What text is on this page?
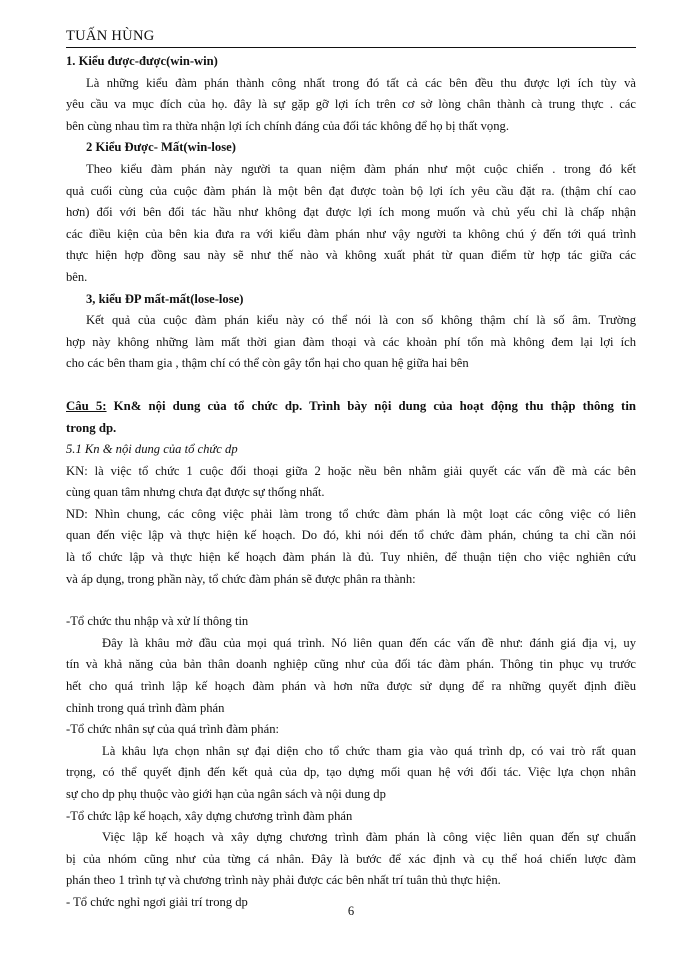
TUẤN HÙNG
1. Kiểu được-được(win-win)
Là những kiểu đàm phán thành công nhất trong đó tất cả các bên đều thu được lợi ích tùy và
yêu cầu va mục đích của họ. đây là sự gặp gỡ lợi ích trên cơ sở lòng chân thành cà trung thực . các
bên cùng nhau tìm ra thừa nhận lợi ích chính đáng của đối tác không để họ bị thất vọng.
2 Kiểu Được- Mất(win-lose)
Theo kiểu đàm phán này người ta quan niệm đàm phán như một cuộc chiến . trong đó kết
quả cuối cùng của cuộc đàm phán là một bên đạt được toàn bộ lợi ích yêu cầu đặt ra. (thậm chí cao
hơn) đối với bên đối tác hầu như không đạt được lợi ích mong muốn và chủ yếu chỉ là chấp nhận
các điều kiện của bên kia đưa ra với kiểu đàm phán như vậy người ta không chú ý đến tới quá trình
thực hiện hợp đồng sau này sẽ như thế nào và không xuất phát từ quan điểm từ hợp tác giữa các
bên.
3, kiểu ĐP mất-mất(lose-lose)
Kết quả của cuộc đàm phán kiểu này có thể nói là con số không thậm chí là số âm. Trường
hợp này không những làm mất thời gian đàm thoại và các khoản phí tổn mà không đem lại lợi ích
cho các bên tham gia , thậm chí có thể còn gây tổn hại cho quan hệ giữa hai bên
Câu 5: Kn& nội dung của tổ chức dp. Trình bày nội dung của hoạt động thu thập thông tin
trong dp.
5.1 Kn & nội dung của tổ chức dp
KN: là việc tổ chức 1 cuộc đối thoại giữa 2 hoặc nều bên nhằm giải quyết các vấn đề mà các bên
cùng quan tâm nhưng chưa đạt được sự thống nhất.
ND: Nhìn chung, các công việc phải làm trong tổ chức đàm phán là một loạt các công việc có liên
quan đến việc lập và thực hiện kế hoạch. Do đó, khi nói đến tổ chức đàm phán, chúng ta chỉ cần nói
là tổ chức lập và thực hiện kế hoạch đàm phán là đủ. Tuy nhiên, để thuận tiện cho việc nghiên cứu
và áp dụng, trong phần này, tổ chức đàm phán sẽ được phân ra thành:
-Tổ chức thu nhập và xử lí thông tin
Đây là khâu mở đầu của mọi quá trình. Nó liên quan đến các vấn đề như: đánh giá địa vị, uy
tín và khả năng của bản thân doanh nghiệp cũng như của đối tác đàm phán. Thông tin phục vụ trước
hết cho quá trình lập kế hoạch đàm phán và hơn nữa được sử dụng để ra những quyết định điều
chỉnh trong quá trình đàm phán
-Tổ chức nhân sự của quá trình đàm phán:
Là khâu lựa chọn nhân sự đại diện cho tổ chức tham gia vào quá trình dp, có vai trò rất quan
trọng, có thể quyết định đến kết quả của dp, tạo dựng mối quan hệ với đối tác. Việc lựa chọn nhân
sự cho dp phụ thuộc vào giới hạn của ngân sách và nội dung dp
-Tổ chức lập kế hoạch, xây dựng chương trình đàm phán
Việc lập kế hoạch và xây dựng chương trình đàm phán là công việc liên quan đến sự chuẩn
bị của nhóm cũng như của từng cá nhân. Đây là bước để xác định và cụ thể hoá chiến lược đàm
phán theo 1 trình tự và chương trình này phải được các bên nhất trí tuân thủ thực hiện.
- Tổ chức nghỉ ngơi giải trí trong dp
6
